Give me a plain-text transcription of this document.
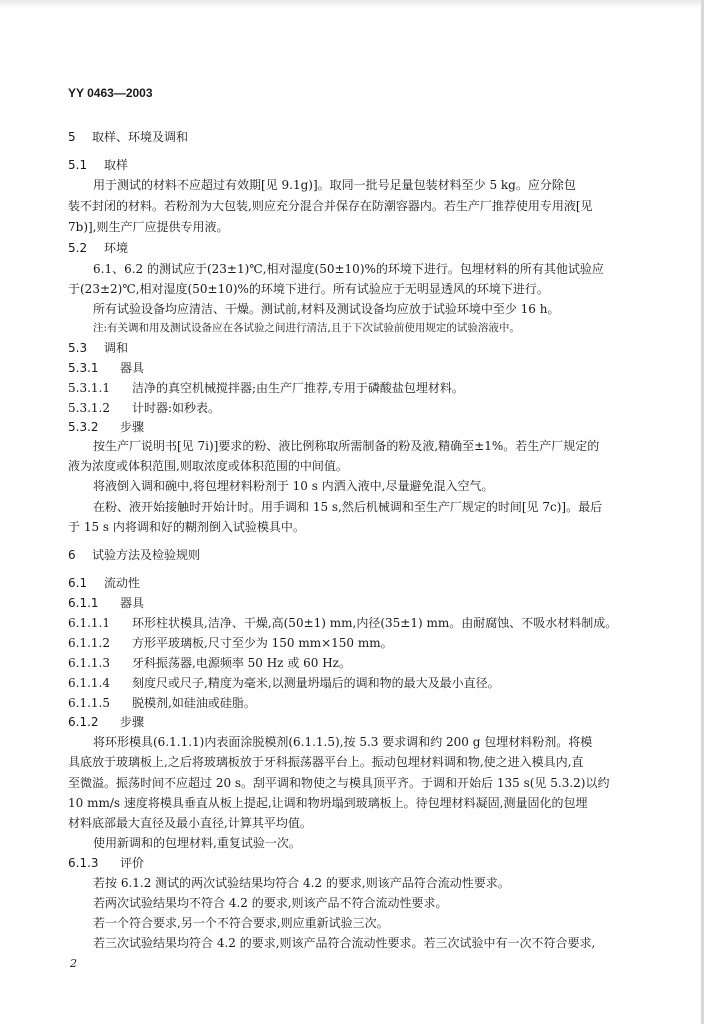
YY 0463—2003
5 取样、环境及调和
5.1 取样
用于测试的材料不应超过有效期[见 9.1g)]。取同一批号足量包装材料至少 5 kg。应分除包
装不封闭的材料。若粉剂为大包装,则应充分混合并保存在防潮容器内。若生产厂推荐使用专用液[见
7b)],则生产厂应提供专用液。
5.2 环境
6.1、6.2 的测试应于(23±1)℃,相对湿度(50±10)%的环境下进行。包埋材料的所有其他试验应
于(23±2)℃,相对湿度(50±10)%的环境下进行。所有试验应于无明显透风的环境下进行。
所有试验设备均应清洁、干燥。测试前,材料及测试设备均应放于试验环境中至少 16 h。
注:有关调和用及测试设备应在各试验之间进行清洁,且于下次试验前使用规定的试验溶液中。
5.3 调和
5.3.1 器具
5.3.1.1 洁净的真空机械搅拌器;由生产厂推荐,专用于磷酸盐包埋材料。
5.3.1.2 计时器:如秒表。
5.3.2 步骤
按生产厂说明书[见 7i)]要求的粉、液比例称取所需制备的粉及液,精确至±1%。若生产厂规定的
液为浓度或体积范围,则取浓度或体积范围的中间值。
将液倒入调和碗中,将包埋材料粉剂于 10 s 内洒入液中,尽量避免混入空气。
在粉、液开始接触时开始计时。用手调和 15 s,然后机械调和至生产厂规定的时间[见 7c)]。最后
于 15 s 内将调和好的糊剂倒入试验模具中。
6 试验方法及检验规则
6.1 流动性
6.1.1 器具
6.1.1.1 环形柱状模具,洁净、干燥,高(50±1) mm,内径(35±1) mm。由耐腐蚀、不吸水材料制成。
6.1.1.2 方形平玻璃板,尺寸至少为 150 mm×150 mm。
6.1.1.3 牙科振荡器,电源频率 50 Hz 或 60 Hz。
6.1.1.4 刻度尺或尺子,精度为毫米,以测量坍塌后的调和物的最大及最小直径。
6.1.1.5 脱模剂,如硅油或硅脂。
6.1.2 步骤
将环形模具(6.1.1.1)内表面涂脱模剂(6.1.1.5),按 5.3 要求调和约 200 g 包埋材料粉剂。将模
具底放于玻璃板上,之后将玻璃板放于牙科振荡器平台上。振动包埋材料调和物,使之进入模具内,直
至微溢。振荡时间不应超过 20 s。刮平调和物使之与模具顶平齐。于调和开始后 135 s(见 5.3.2)以约
10 mm/s 速度将模具垂直从板上提起,让调和物坍塌到玻璃板上。待包埋材料凝固,测量固化的包埋
材料底部最大直径及最小直径,计算其平均值。
使用新调和的包埋材料,重复试验一次。
6.1.3 评价
若按 6.1.2 测试的两次试验结果均符合 4.2 的要求,则该产品符合流动性要求。
若两次试验结果均不符合 4.2 的要求,则该产品不符合流动性要求。
若一个符合要求,另一个不符合要求,则应重新试验三次。
若三次试验结果均符合 4.2 的要求,则该产品符合流动性要求。若三次试验中有一次不符合要求,
2
